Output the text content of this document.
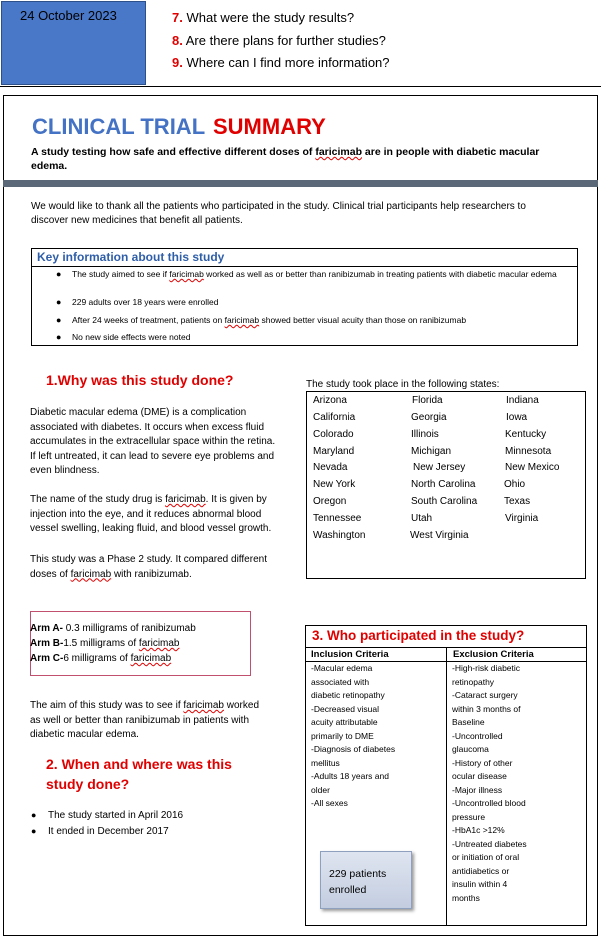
24 October 2023	7. What were the study results?
8. Are there plans for further studies?
9. Where can I find more information?
CLINICAL TRIAL SUMMARY
A study testing how safe and effective different doses of faricimab are in people with diabetic macular edema.
We would like to thank all the patients who participated in the study. Clinical trial participants help researchers to discover new medicines that benefit all patients.
Key information about this study
● The study aimed to see if faricimab worked as well as or better than ranibizumab in treating patients with diabetic macular edema
● 229 adults over 18 years were enrolled
● After 24 weeks of treatment, patients on faricimab showed better visual acuity than those on ranibizumab
● No new side effects were noted
1.Why was this study done?
Diabetic macular edema (DME) is a complication associated with diabetes. It occurs when excess fluid accumulates in the extracellular space within the retina. If left untreated, it can lead to severe eye problems and even blindness.
The name of the study drug is faricimab. It is given by injection into the eye, and it reduces abnormal blood vessel swelling, leaking fluid, and blood vessel growth.
This study was a Phase 2 study. It compared different doses of faricimab with ranibizumab.
Arm A- 0.3 milligrams of ranibizumab
Arm B-1.5 milligrams of faricimab
Arm C-6 milligrams of faricimab
The aim of this study was to see if faricimab worked as well or better than ranibizumab in patients with diabetic macular edema.
2. When and where was this
study done?
● The study started in April 2016
● It ended in December 2017
The study took place in the following states:
Arizona
California
Colorado
Maryland
Nevada
New York
Oregon
Tennessee
Washington
Florida
Georgia
Illinois
Michigan
New Jersey
North Carolina
South Carolina
Utah
West Virginia
Indiana
Iowa
Kentucky
Minnesota
New Mexico
Ohio
Texas
Virginia
3. Who participated in the study?
Inclusion Criteria	Exclusion Criteria
-Macular edema
associated with
diabetic retinopathy
-Decreased visual
acuity attributable
primarily to DME
-Diagnosis of diabetes
mellitus
-Adults 18 years and
older
-All sexes
-High-risk diabetic
retinopathy
-Cataract surgery
within 3 months of
Baseline
-Uncontrolled
glaucoma
-History of other
ocular disease
-Major illness
-Uncontrolled blood
pressure
-HbA1c >12%
-Untreated diabetes
or initiation of oral
antidiabetics or
insulin within 4
months
229 patients enrolled
